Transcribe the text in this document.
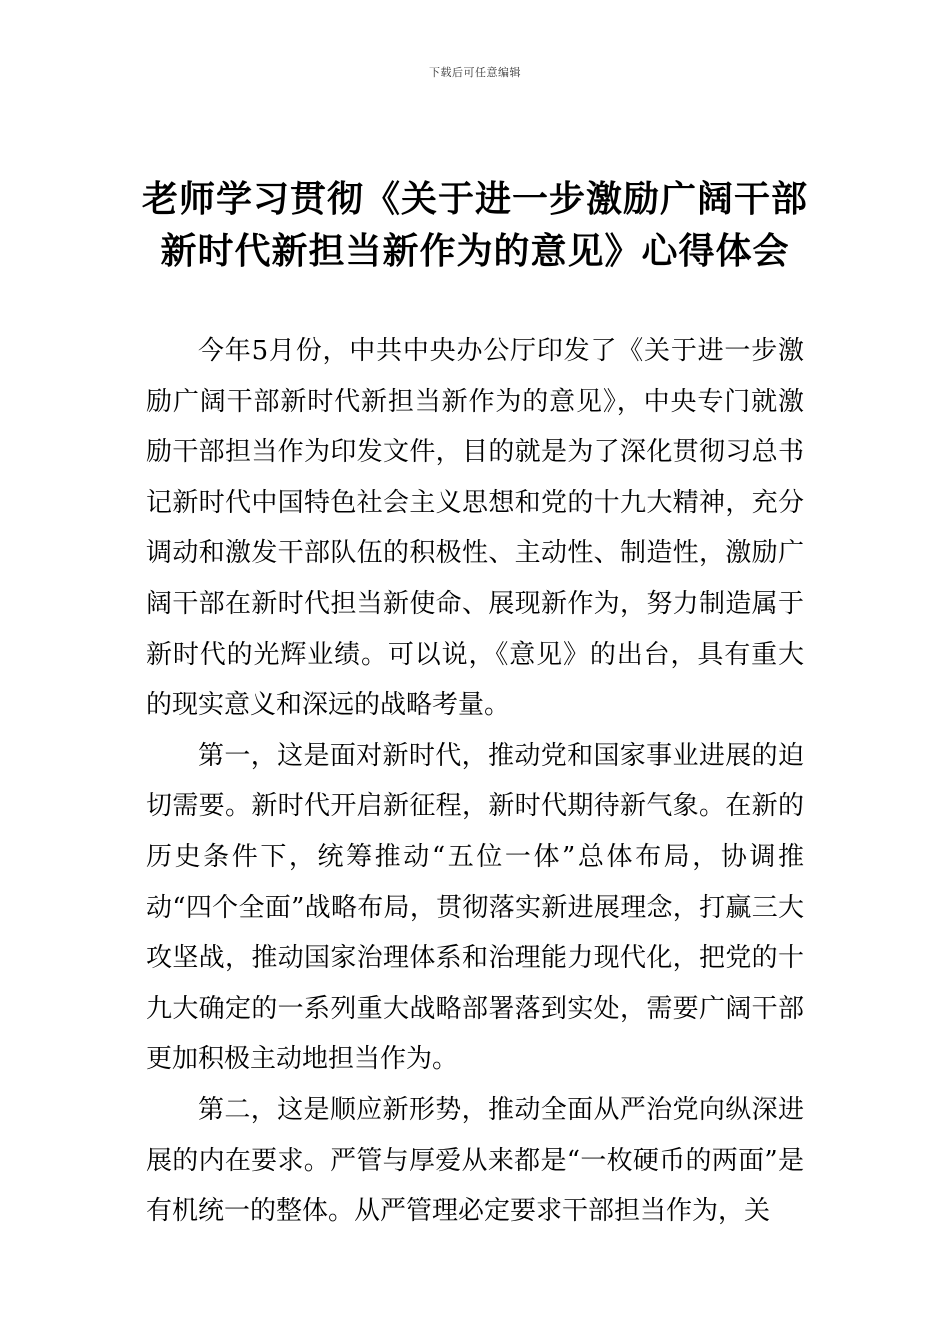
下载后可任意编辑
老师学习贯彻《关于进一步激励广阔干部
新时代新担当新作为的意见》心得体会

今年5月份，中共中央办公厅印发了《关于进一步激励广阔干部新时代新担当新作为的意见》，中央专门就激励干部担当作为印发文件，目的就是为了深化贯彻习总书记新时代中国特色社会主义思想和党的十九大精神，充分调动和激发干部队伍的积极性、主动性、制造性，激励广阔干部在新时代担当新使命、展现新作为，努力制造属于新时代的光辉业绩。可以说，《意见》的出台，具有重大的现实意义和深远的战略考量。

第一，这是面对新时代，推动党和国家事业进展的迫切需要。新时代开启新征程，新时代期待新气象。在新的历史条件下，统筹推动“五位一体”总体布局，协调推动“四个全面”战略布局，贯彻落实新进展理念，打赢三大攻坚战，推动国家治理体系和治理能力现代化，把党的十九大确定的一系列重大战略部署落到实处，需要广阔干部更加积极主动地担当作为。

第二，这是顺应新形势，推动全面从严治党向纵深进展的内在要求。严管与厚爱从来都是“一枚硬币的两面”是有机统一的整体。从严管理必定要求干部担当作为，关
